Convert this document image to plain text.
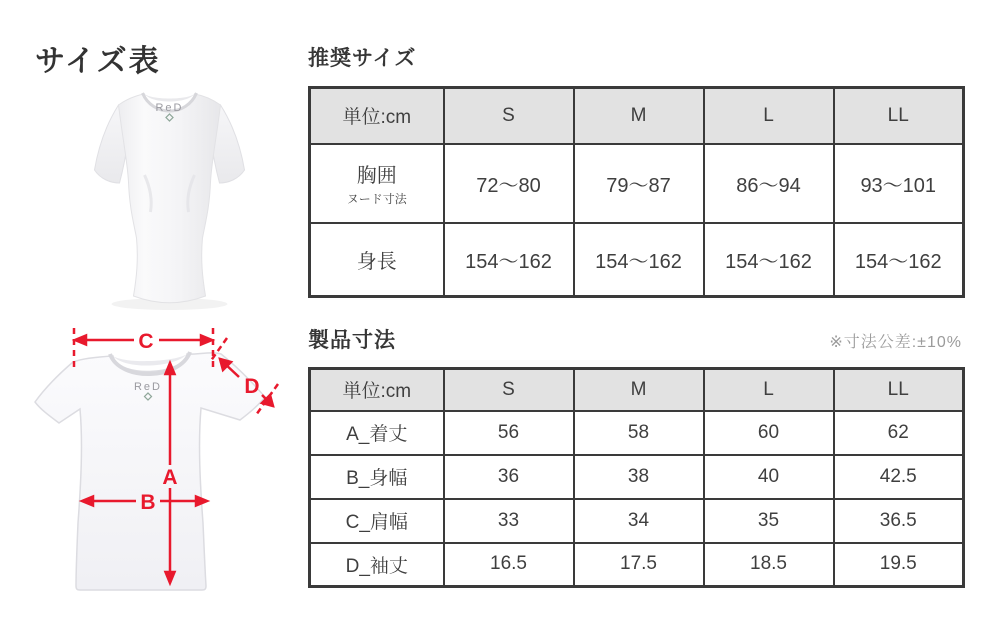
サイズ表
ReD
推奨サイズ
単位:cm	S	M	L	LL
胸囲
ヌード寸法	72〜80	79〜87	86〜94	93〜101
身長	154〜162	154〜162	154〜162	154〜162
製品寸法	※寸法公差:±10%
単位:cm	S	M	L	LL
A_着丈	56	58	60	62
B_身幅	36	38	40	42.5
C_肩幅	33	34	35	36.5
D_袖丈	16.5	17.5	18.5	19.5
ReD
C
D
A
B
